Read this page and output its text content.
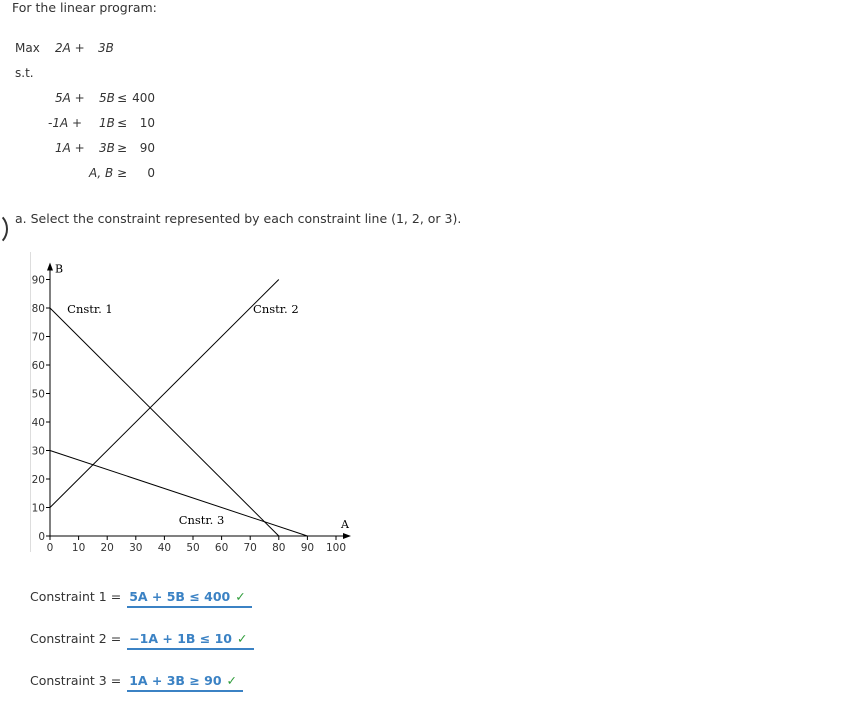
For the linear program:
Max 2A + 3B
s.t.
5A + 5B ≤ 400
-1A + 1B ≤	10
1A + 3B ≥	90
A, B ≥	0
a. Select the constraint represented by each constraint line (1, 2, or 3).
A
B
0 10 20 30 40 50 60 70 80 90 100
0
10
20
30
40
50
60
70
80
90
Cnstr. 1	Cnstr. 2
Cnstr. 3
Constraint 1 = 5A + 5B ≤ 400 ✓
Constraint 2 = −1A + 1B ≤ 10 ✓
Constraint 3 = 1A + 3B ≥ 90 ✓
